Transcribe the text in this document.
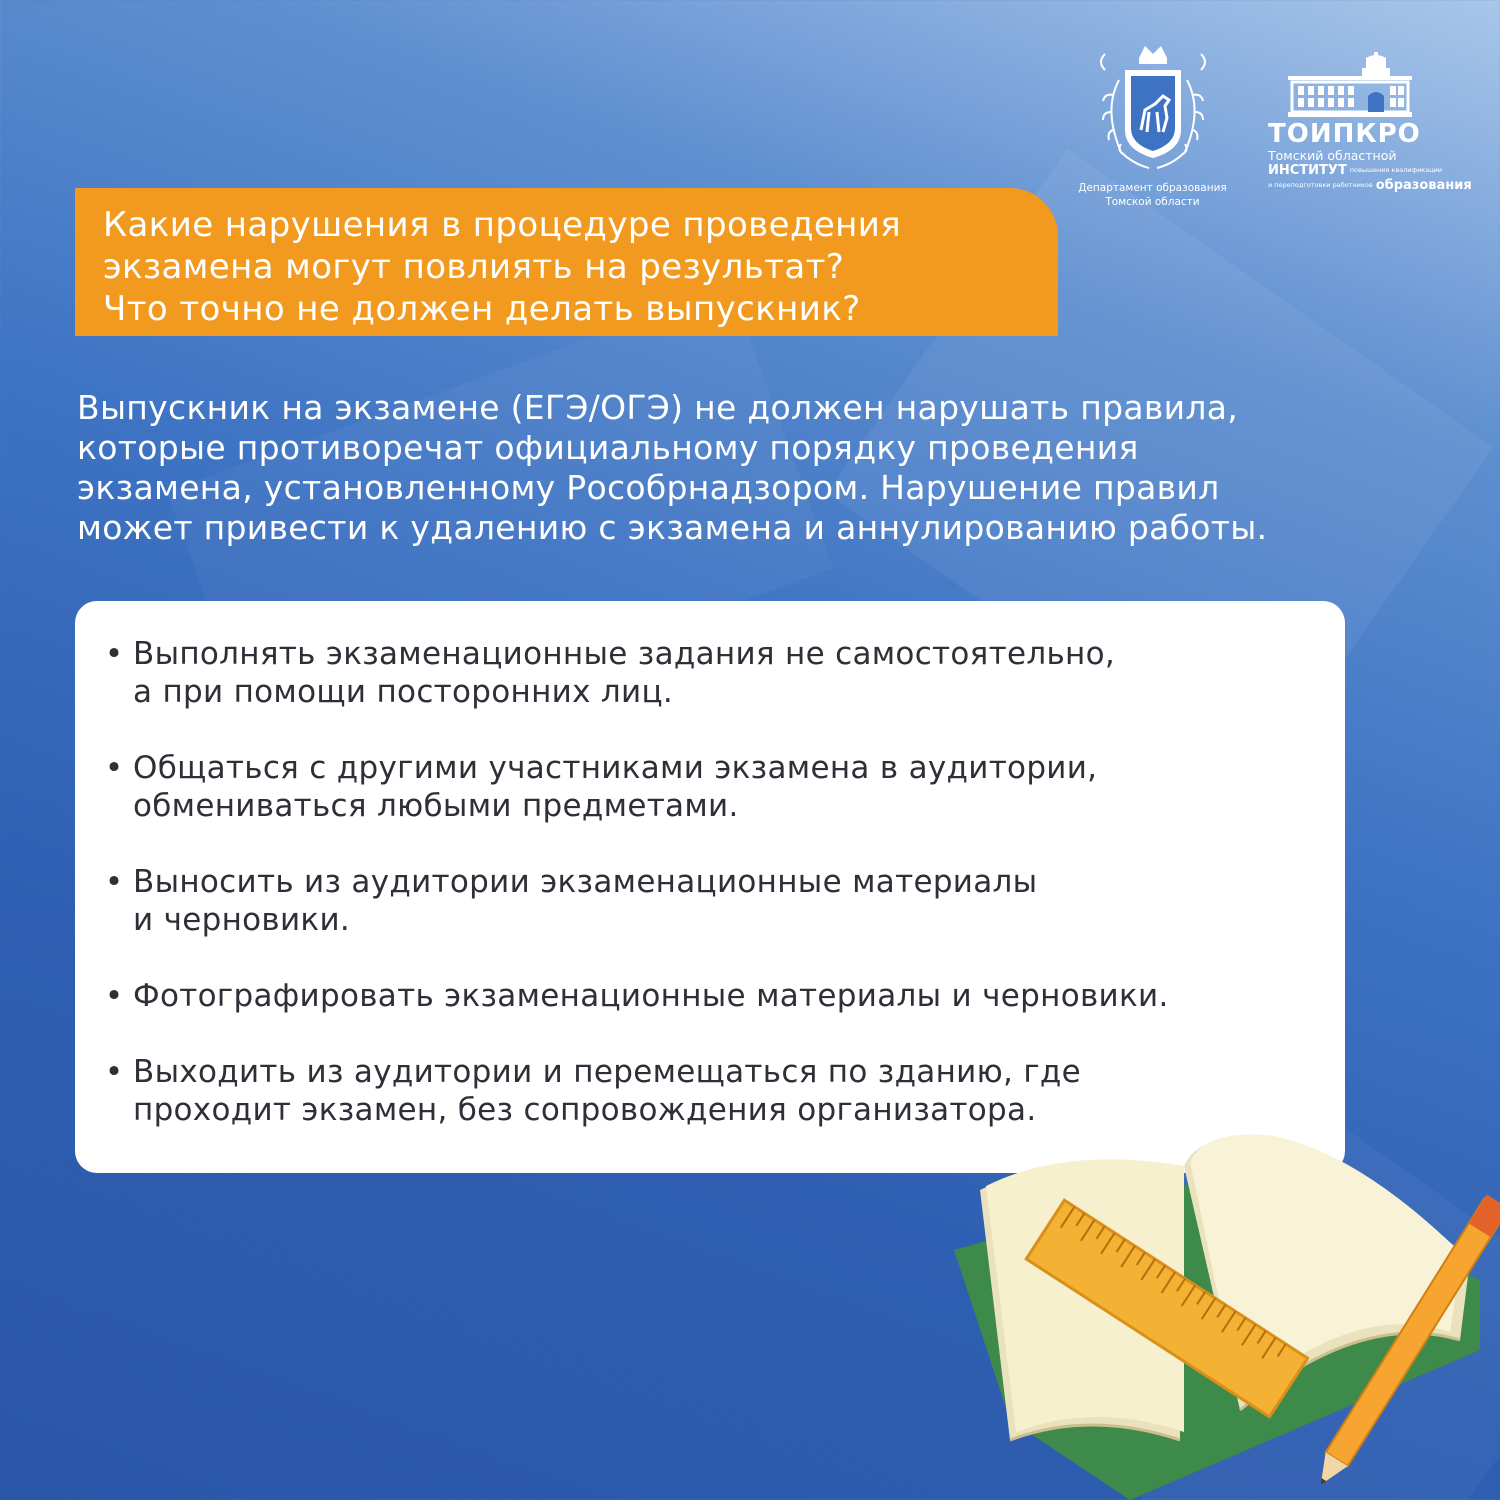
Департамент образования
Томской области
ТОИПКРО
Томский областной
ИНСТИТУТ повышения квалификации
и переподготовки работников образования
Какие нарушения в процедуре проведения
экзамена могут повлиять на результат?
Что точно не должен делать выпускник?
Выпускник на экзамене (ЕГЭ/ОГЭ) не должен нарушать правила,
которые противоречат официальному порядку проведения
экзамена, установленному Рособрнадзором. Нарушение правил
может привести к удалению с экзамена и аннулированию работы.
• Выполнять экзаменационные задания не самостоятельно,
а при помощи посторонних лиц.
• Общаться с другими участниками экзамена в аудитории,
обмениваться любыми предметами.
• Выносить из аудитории экзаменационные материалы
и черновики.
• Фотографировать экзаменационные материалы и черновики.
• Выходить из аудитории и перемещаться по зданию, где
проходит экзамен, без сопровождения организатора.
